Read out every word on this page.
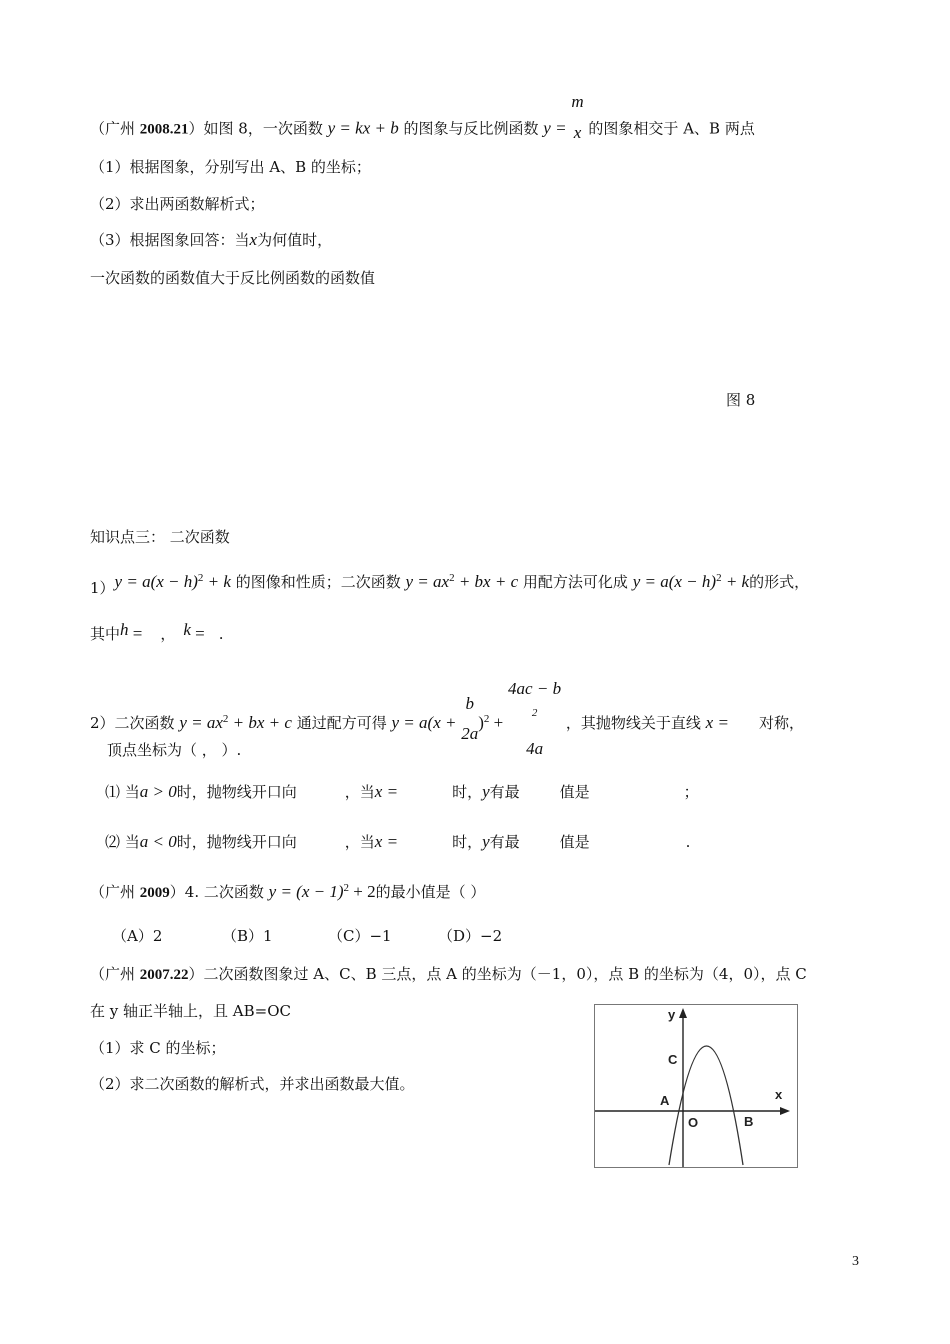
（广州 2008.21）如图 8，一次函数 y = kx + b 的图象与反比例函数 y =
m
x 的图象相交于 A、B 两点
（1）根据图象，分别写出 A、B 的坐标；
（2）求出两函数解析式；
（3）根据图象回答：当x为何值时，
一次函数的函数值大于反比例函数的函数值
图 8
知识点三： 二次函数
$1)y = a(x - h)^2 + k$ 的图像和性质；二次函数 $y = ax^2$ + bx + c 用配方法可化成 $y = a(x - h)^2 + k$的形式，
其中h = ， k = .
2）二次函数 $y = ax^2$ + bx + c 通过配方可得 y = a(x +
b
2a
)$^2$ +
4ac − b
2
4a
，其抛物线关于直线 x = 对称，
顶点坐标为（ ， ）.
⑴ 当a > 0时，抛物线开口向	，当x =	时，y有最	值是	；
⑵ 当a < 0时，抛物线开口向	，当x =	时，y有最	值是	.
（广州 2009）4. 二次函数 $y = (x - 1)^2 + 2$的最小值是（ ）
（A）2	（B）1	（C）−1	（D）−2
（广州 2007.22）二次函数图象过 A、C、B 三点，点 A 的坐标为（－1，0），点 B 的坐标为（4，0），点 C
在 y 轴正半轴上，且 AB=OC
（1）求 C 的坐标；
（2）求二次函数的解析式，并求出函数最大值。
y
x
C
A
O	B
3
